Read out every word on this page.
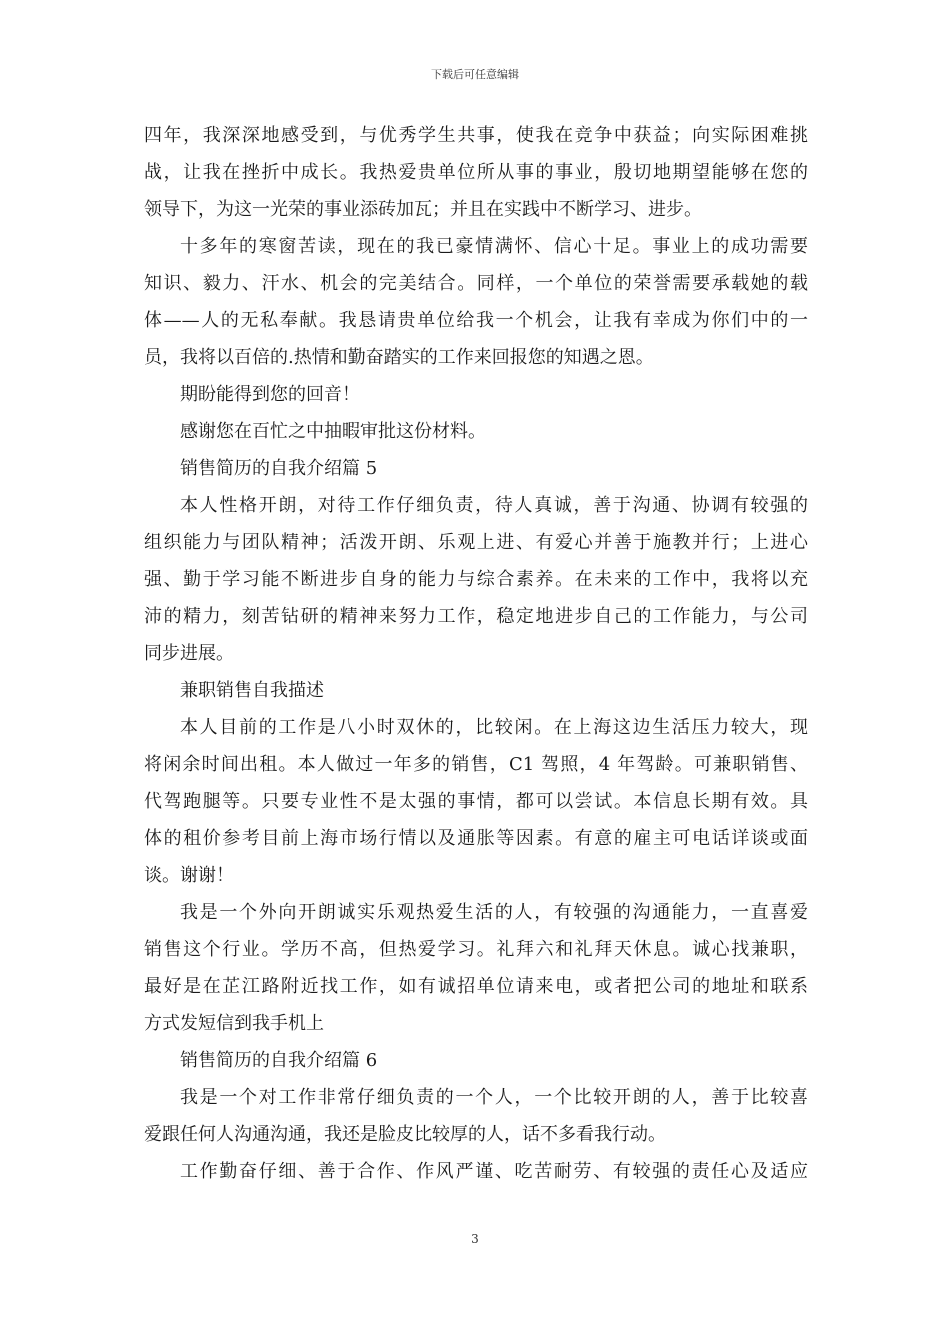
下载后可任意编辑
四年，我深深地感受到，与优秀学生共事，使我在竞争中获益；向实际困难挑
战，让我在挫折中成长。我热爱贵单位所从事的事业，殷切地期望能够在您的
领导下，为这一光荣的事业添砖加瓦；并且在实践中不断学习、进步。
十多年的寒窗苦读，现在的我已豪情满怀、信心十足。事业上的成功需要
知识、毅力、汗水、机会的完美结合。同样，一个单位的荣誉需要承载她的载
体——人的无私奉献。我恳请贵单位给我一个机会，让我有幸成为你们中的一
员，我将以百倍的.热情和勤奋踏实的工作来回报您的知遇之恩。
期盼能得到您的回音！
感谢您在百忙之中抽暇审批这份材料。
销售简历的自我介绍篇 5
本人性格开朗，对待工作仔细负责，待人真诚，善于沟通、协调有较强的
组织能力与团队精神；活泼开朗、乐观上进、有爱心并善于施教并行；上进心
强、勤于学习能不断进步自身的能力与综合素养。在未来的工作中，我将以充
沛的精力，刻苦钻研的精神来努力工作，稳定地进步自己的工作能力，与公司
同步进展。
兼职销售自我描述
本人目前的工作是八小时双休的，比较闲。在上海这边生活压力较大，现
将闲余时间出租。本人做过一年多的销售，C1 驾照，4 年驾龄。可兼职销售、
代驾跑腿等。只要专业性不是太强的事情，都可以尝试。本信息长期有效。具
体的租价参考目前上海市场行情以及通胀等因素。有意的雇主可电话详谈或面
谈。谢谢！
我是一个外向开朗诚实乐观热爱生活的人，有较强的沟通能力，一直喜爱
销售这个行业。学历不高，但热爱学习。礼拜六和礼拜天休息。诚心找兼职，
最好是在芷江路附近找工作，如有诚招单位请来电，或者把公司的地址和联系
方式发短信到我手机上
销售简历的自我介绍篇 6
我是一个对工作非常仔细负责的一个人，一个比较开朗的人，善于比较喜
爱跟任何人沟通沟通，我还是脸皮比较厚的人，话不多看我行动。
工作勤奋仔细、善于合作、作风严谨、吃苦耐劳、有较强的责任心及适应
3
